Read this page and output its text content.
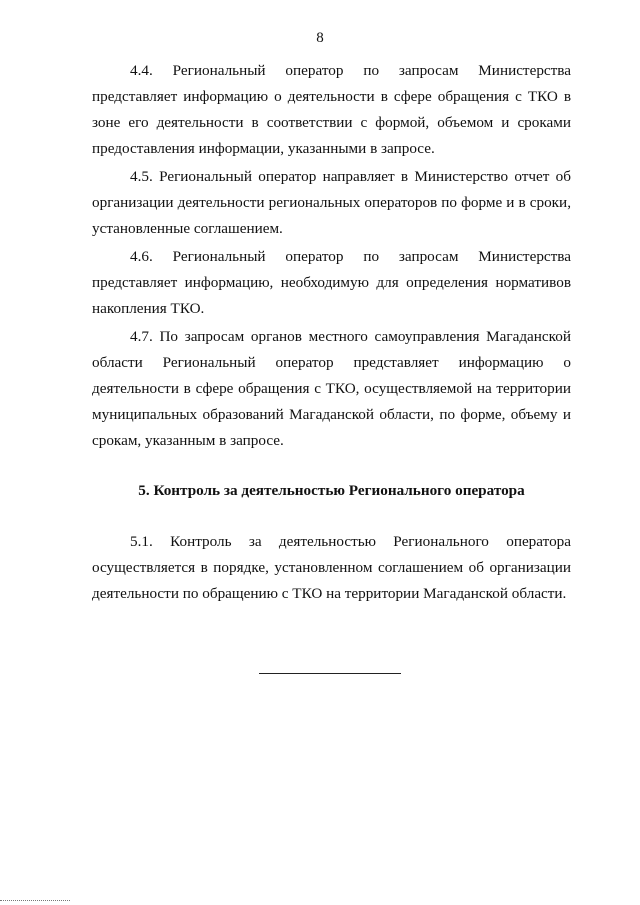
8

4.4. Региональный оператор по запросам Министерства представляет информацию о деятельности в сфере обращения с ТКО в зоне его деятельности в соответствии с формой, объемом и сроками предоставления информации, указанными в запросе.

4.5. Региональный оператор направляет в Министерство отчет об организации деятельности региональных операторов по форме и в сроки, установленные соглашением.

4.6. Региональный оператор по запросам Министерства представляет информацию, необходимую для определения нормативов накопления ТКО.

4.7. По запросам органов местного самоуправления Магаданской области Региональный оператор представляет информацию о деятельности в сфере обращения с ТКО, осуществляемой на территории муниципальных образований Магаданской области, по форме, объему и срокам, указанным в запросе.

5. Контроль за деятельностью Регионального оператора

5.1. Контроль за деятельностью Регионального оператора осуществляется в порядке, установленном соглашением об организации деятельности по обращению с ТКО на территории Магаданской области.
